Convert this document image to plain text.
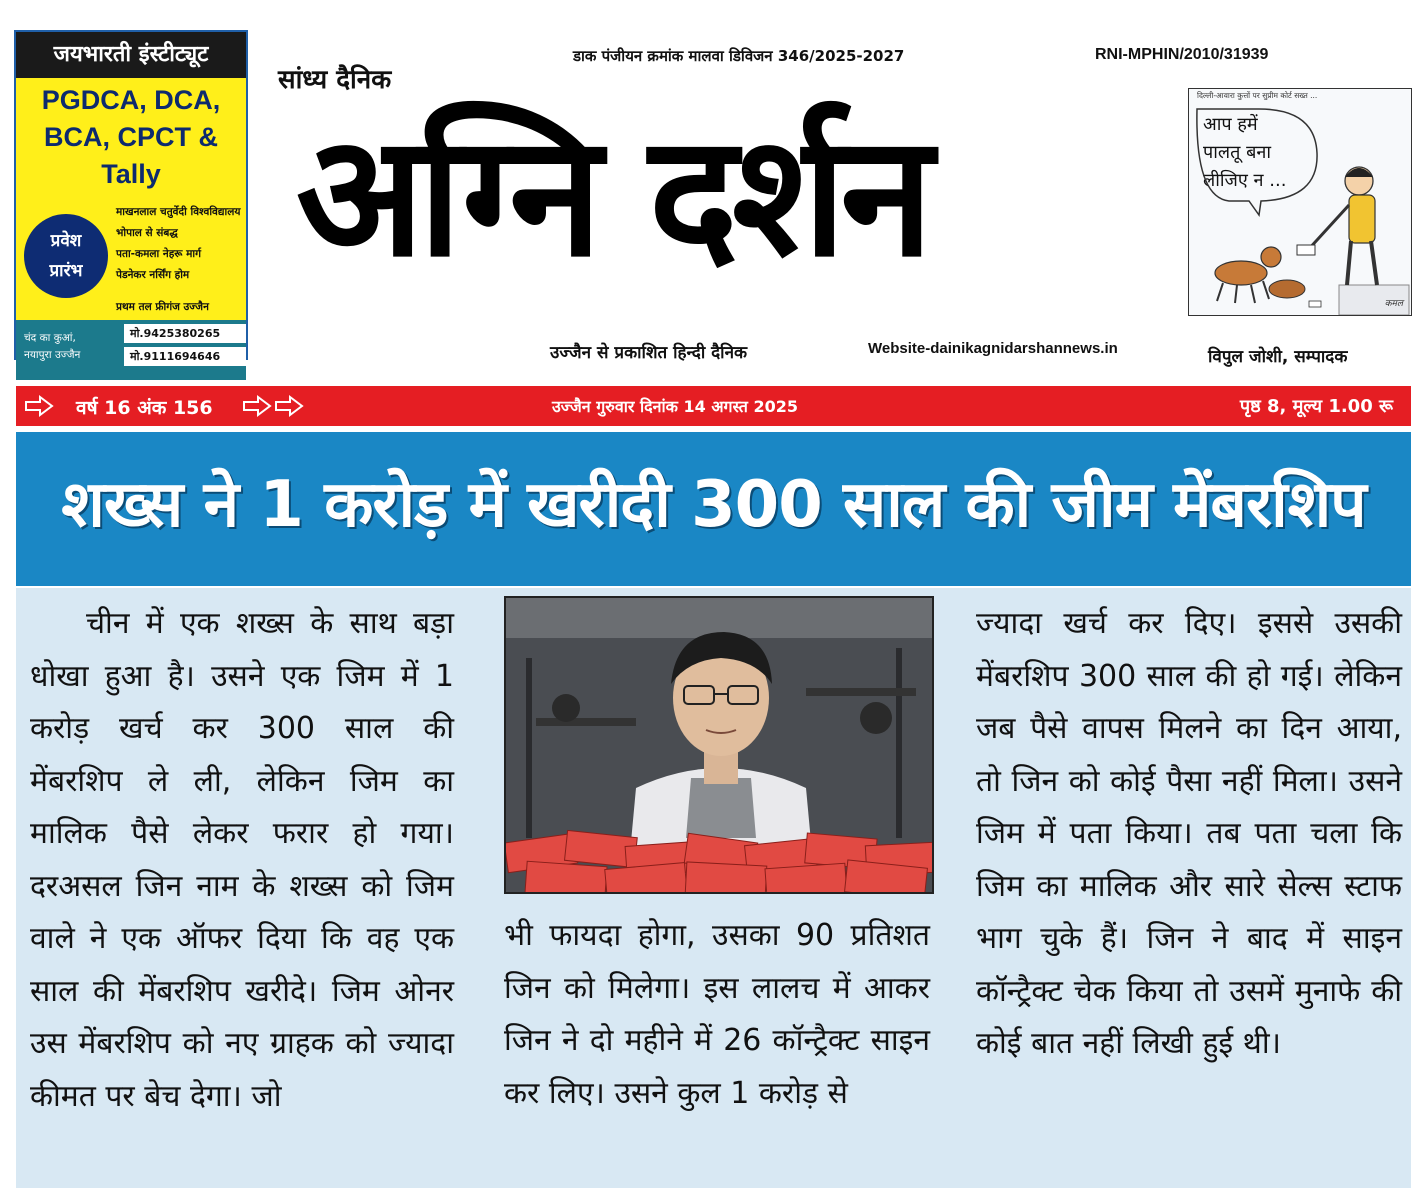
जयभारती इंस्टीट्यूट
PGDCA, DCA,
BCA, CPCT & Tally
प्रवेश
प्रारंभ
माखनलाल चतुर्वेदी विश्वविद्यालय
भोपाल से संबद्ध
पता-कमला नेहरू मार्ग
पेडनेकर नर्सिंग होम
प्रथम तल फ्रीगंज उज्जैन
चंद का कुआं,
नयापुरा उज्जैन
मो.9425380265
मो.9111694646
सांध्य दैनिक
डाक पंजीयन क्रमांक मालवा डिविजन 346/2025-2027	RNI-MPHIN/2010/31939
अग्नि दर्शन
उज्जैन से प्रकाशित हिन्दी दैनिक	Website-dainikagnidarshannews.in	विपुल जोशी, सम्पादक
दिल्ली-आवारा कुत्तों पर सुप्रीम कोर्ट सख्त ...
आप हमें
पालतू बना
लीजिए न ...
कमल
वर्ष 16 अंक 156	उज्जैन गुरुवार दिनांक 14 अगस्त 2025	पृष्ठ 8, मूल्य 1.00 रू
शख्स ने 1 करोड़ में खरीदी 300 साल की जीम मेंबरशिप
चीन में एक शख्स के साथ बड़ा धोखा हुआ है। उसने एक जिम में 1 करोड़ खर्च कर 300 साल की मेंबरशिप ले ली, लेकिन जिम का मालिक पैसे लेकर फरार हो गया। दरअसल जिन नाम के शख्स को जिम वाले ने एक ऑफर दिया कि वह एक साल की मेंबरशिप खरीदे। जिम ओनर उस मेंबरशिप को नए ग्राहक को ज्यादा कीमत पर बेच देगा। जो
भी फायदा होगा, उसका 90 प्रतिशत जिन को मिलेगा। इस लालच में आकर जिन ने दो महीने में 26 कॉन्ट्रैक्ट साइन कर लिए। उसने कुल 1 करोड़ से
ज्यादा खर्च कर दिए। इससे उसकी मेंबरशिप 300 साल की हो गई। लेकिन जब पैसे वापस मिलने का दिन आया, तो जिन को कोई पैसा नहीं मिला। उसने जिम में पता किया। तब पता चला कि जिम का मालिक और सारे सेल्स स्टाफ भाग चुके हैं। जिन ने बाद में साइन कॉन्ट्रैक्ट चेक किया तो उसमें मुनाफे की कोई बात नहीं लिखी हुई थी।
